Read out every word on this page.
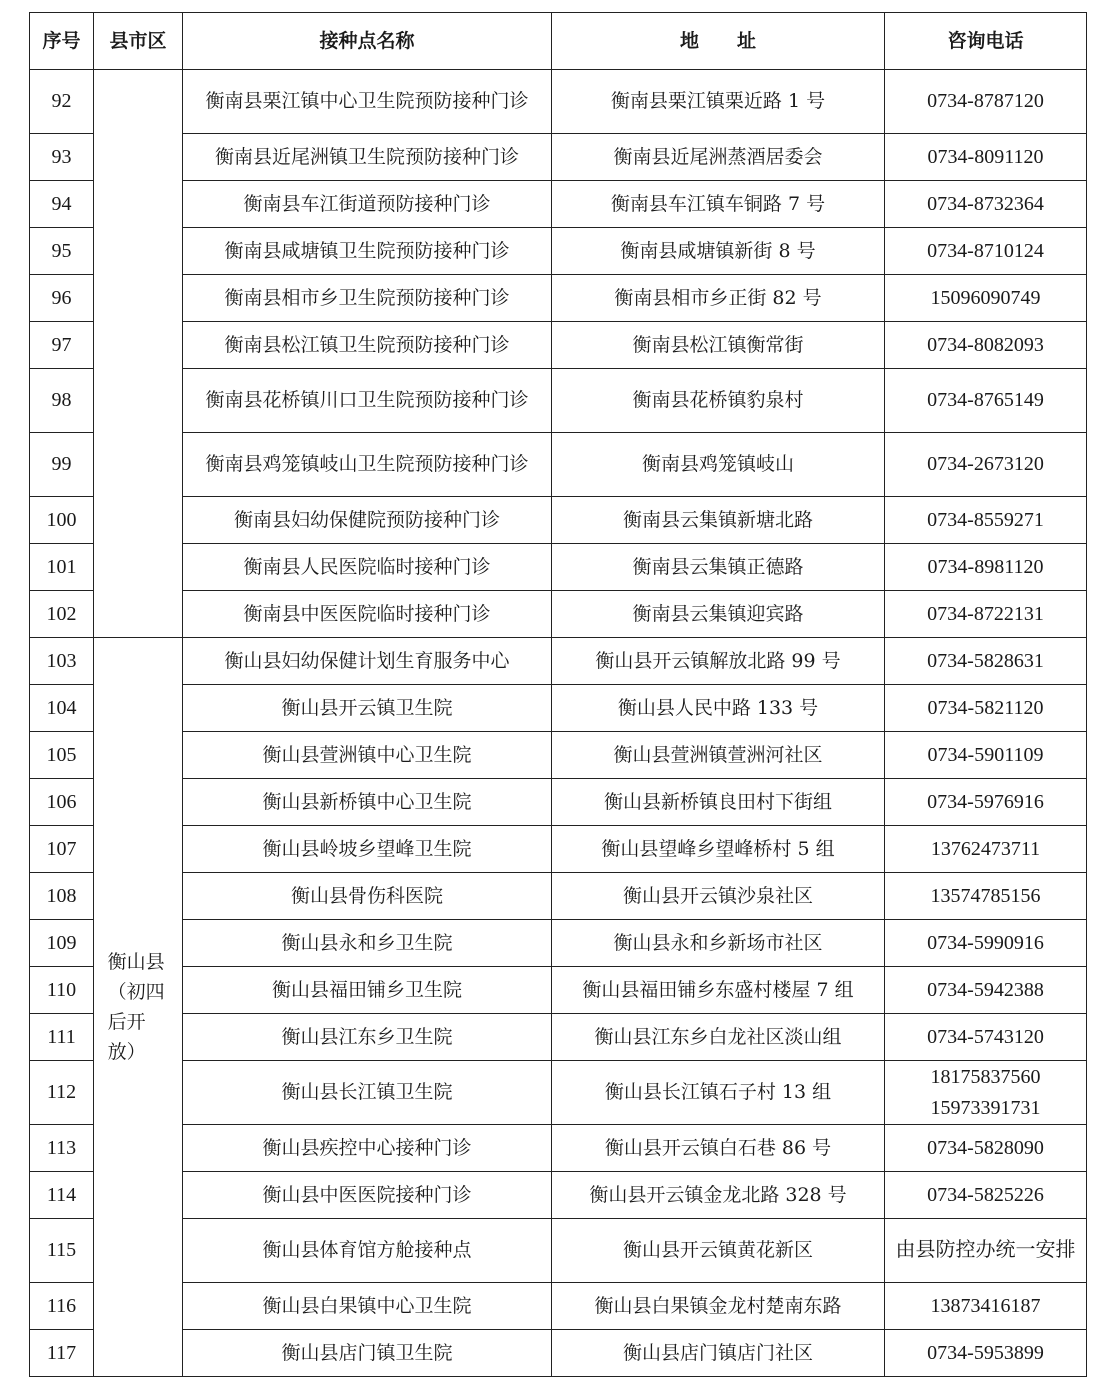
序号	县市区	接种点名称	地　　址	咨询电话
92		衡南县栗江镇中心卫生院预防接种门诊	衡南县栗江镇栗近路 1 号	0734-8787120
93		衡南县近尾洲镇卫生院预防接种门诊	衡南县近尾洲蒸酒居委会	0734-8091120
94		衡南县车江街道预防接种门诊	衡南县车江镇车铜路 7 号	0734-8732364
95		衡南县咸塘镇卫生院预防接种门诊	衡南县咸塘镇新街 8 号	0734-8710124
96		衡南县相市乡卫生院预防接种门诊	衡南县相市乡正街 82 号	15096090749
97		衡南县松江镇卫生院预防接种门诊	衡南县松江镇衡常街	0734-8082093
98		衡南县花桥镇川口卫生院预防接种门诊	衡南县花桥镇豹泉村	0734-8765149
99		衡南县鸡笼镇岐山卫生院预防接种门诊	衡南县鸡笼镇岐山	0734-2673120
100		衡南县妇幼保健院预防接种门诊	衡南县云集镇新塘北路	0734-8559271
101		衡南县人民医院临时接种门诊	衡南县云集镇正德路	0734-8981120
102		衡南县中医医院临时接种门诊	衡南县云集镇迎宾路	0734-8722131
103	衡山县（初四后开放）	衡山县妇幼保健计划生育服务中心	衡山县开云镇解放北路 99 号	0734-5828631
104		衡山县开云镇卫生院	衡山县人民中路 133 号	0734-5821120
105		衡山县萱洲镇中心卫生院	衡山县萱洲镇萱洲河社区	0734-5901109
106		衡山县新桥镇中心卫生院	衡山县新桥镇良田村下街组	0734-5976916
107		衡山县岭坡乡望峰卫生院	衡山县望峰乡望峰桥村 5 组	13762473711
108		衡山县骨伤科医院	衡山县开云镇沙泉社区	13574785156
109		衡山县永和乡卫生院	衡山县永和乡新场市社区	0734-5990916
110		衡山县福田铺乡卫生院	衡山县福田铺乡东盛村楼屋 7 组	0734-5942388
111		衡山县江东乡卫生院	衡山县江东乡白龙社区淡山组	0734-5743120
112		衡山县长江镇卫生院	衡山县长江镇石子村 13 组	18175837560 15973391731
113		衡山县疾控中心接种门诊	衡山县开云镇白石巷 86 号	0734-5828090
114		衡山县中医医院接种门诊	衡山县开云镇金龙北路 328 号	0734-5825226
115		衡山县体育馆方舱接种点	衡山县开云镇黄花新区	由县防控办统一安排
116		衡山县白果镇中心卫生院	衡山县白果镇金龙村楚南东路	13873416187
117		衡山县店门镇卫生院	衡山县店门镇店门社区	0734-5953899
